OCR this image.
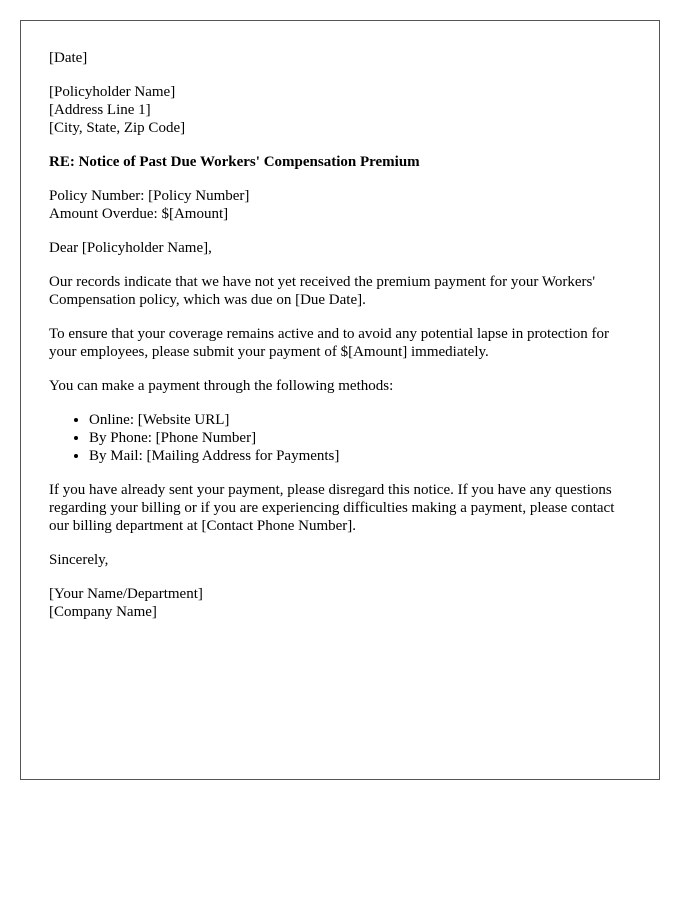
[Date]
[Policyholder Name]
[Address Line 1]
[City, State, Zip Code]
RE: Notice of Past Due Workers' Compensation Premium
Policy Number: [Policy Number]
Amount Overdue: $[Amount]
Dear [Policyholder Name],
Our records indicate that we have not yet received the premium payment for your Workers' Compensation policy, which was due on [Due Date].
To ensure that your coverage remains active and to avoid any potential lapse in protection for your employees, please submit your payment of $[Amount] immediately.
You can make a payment through the following methods:
• Online: [Website URL]
• By Phone: [Phone Number]
• By Mail: [Mailing Address for Payments]
If you have already sent your payment, please disregard this notice. If you have any questions regarding your billing or if you are experiencing difficulties making a payment, please contact our billing department at [Contact Phone Number].
Sincerely,
[Your Name/Department]
[Company Name]
